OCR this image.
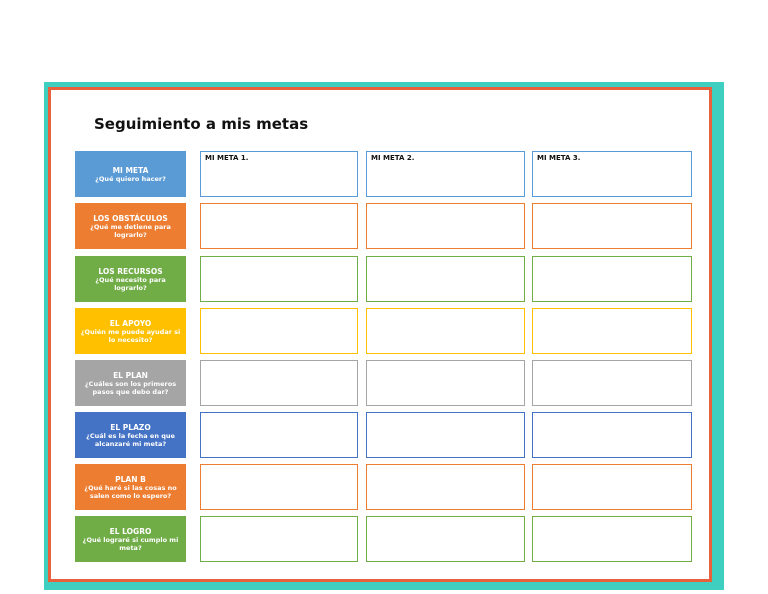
Seguimiento a mis metas
MI META
¿Qué quiero hacer?
MI META 1.	MI META 2.	MI META 3.
LOS OBSTÁCULOS
¿Qué me detiene para lograrlo?
LOS RECURSOS
¿Qué necesito para lograrlo?
EL APOYO
¿Quién me puede ayudar si lo necesito?
EL PLAN
¿Cuáles son los primeros pasos que debo dar?
EL PLAZO
¿Cuál es la fecha en que alcanzaré mi meta?
PLAN B
¿Qué haré si las cosas no salen como lo espero?
EL LOGRO
¿Qué lograré si cumplo mi meta?
